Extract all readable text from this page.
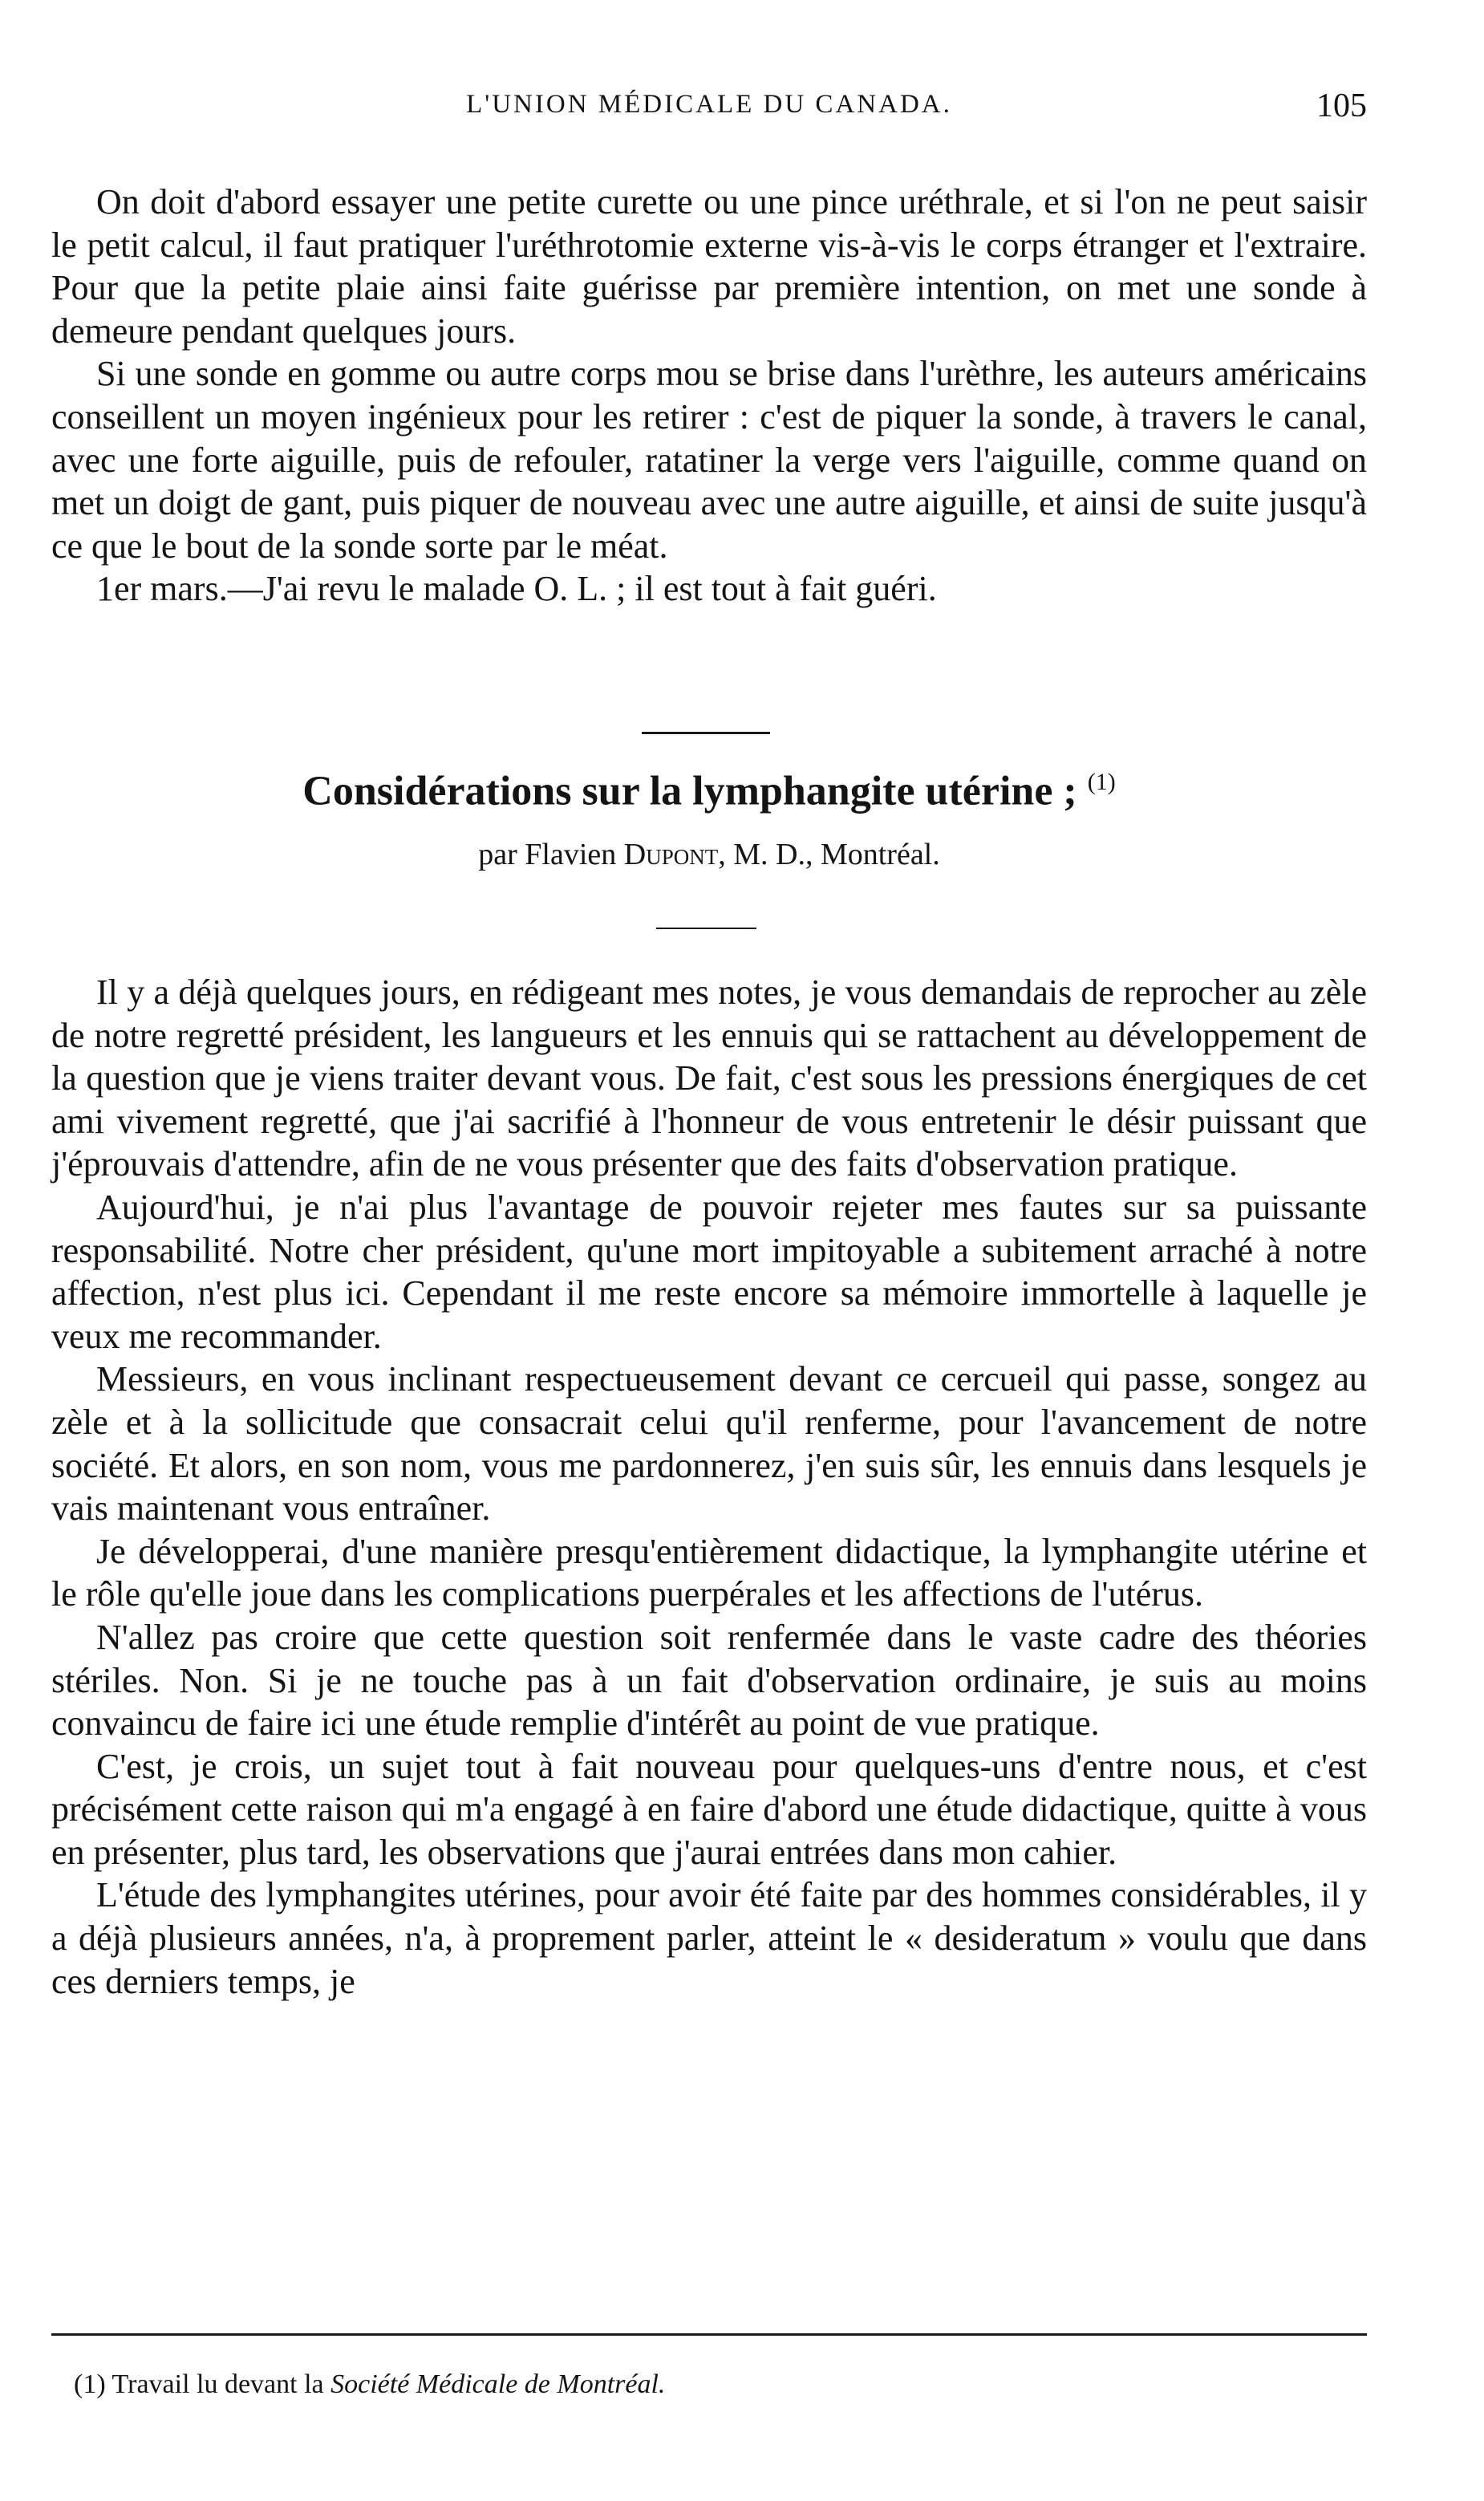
L'UNION MÉDICALE DU CANADA.	105

On doit d'abord essayer une petite curette ou une pince uréthrale, et si l'on ne peut saisir le petit calcul, il faut pratiquer l'uréthrotomie externe vis-à-vis le corps étranger et l'extraire. Pour que la petite plaie ainsi faite guérisse par première intention, on met une sonde à demeure pendant quelques jours.

Si une sonde en gomme ou autre corps mou se brise dans l'urèthre, les auteurs américains conseillent un moyen ingénieux pour les retirer : c'est de piquer la sonde, à travers le canal, avec une forte aiguille, puis de refouler, ratatiner la verge vers l'aiguille, comme quand on met un doigt de gant, puis piquer de nouveau avec une autre aiguille, et ainsi de suite jusqu'à ce que le bout de la sonde sorte par le méat.

1er mars.—J'ai revu le malade O. L. ; il est tout à fait guéri.

Considérations sur la lymphangite utérine ; $^{(1)}$
par Flavien Dupont, M. D., Montréal.

Il y a déjà quelques jours, en rédigeant mes notes, je vous demandais de reprocher au zèle de notre regretté président, les langueurs et les ennuis qui se rattachent au développement de la question que je viens traiter devant vous. De fait, c'est sous les pressions énergiques de cet ami vivement regretté, que j'ai sacrifié à l'honneur de vous entretenir le désir puissant que j'éprouvais d'attendre, afin de ne vous présenter que des faits d'observation pratique.

Aujourd'hui, je n'ai plus l'avantage de pouvoir rejeter mes fautes sur sa puissante responsabilité. Notre cher président, qu'une mort impitoyable a subitement arraché à notre affection, n'est plus ici. Cependant il me reste encore sa mémoire immortelle à laquelle je veux me recommander.

Messieurs, en vous inclinant respectueusement devant ce cercueil qui passe, songez au zèle et à la sollicitude que consacrait celui qu'il renferme, pour l'avancement de notre société. Et alors, en son nom, vous me pardonnerez, j'en suis sûr, les ennuis dans lesquels je vais maintenant vous entraîner.

Je développerai, d'une manière presqu'entièrement didactique, la lymphangite utérine et le rôle qu'elle joue dans les complications puerpérales et les affections de l'utérus.

N'allez pas croire que cette question soit renfermée dans le vaste cadre des théories stériles. Non. Si je ne touche pas à un fait d'observation ordinaire, je suis au moins convaincu de faire ici une étude remplie d'intérêt au point de vue pratique.

C'est, je crois, un sujet tout à fait nouveau pour quelques-uns d'entre nous, et c'est précisément cette raison qui m'a engagé à en faire d'abord une étude didactique, quitte à vous en présenter, plus tard, les observations que j'aurai entrées dans mon cahier.

L'étude des lymphangites utérines, pour avoir été faite par des hommes considérables, il y a déjà plusieurs années, n'a, à proprement parler, atteint le « desideratum » voulu que dans ces derniers temps, je

(1) Travail lu devant la Société Médicale de Montréal.
